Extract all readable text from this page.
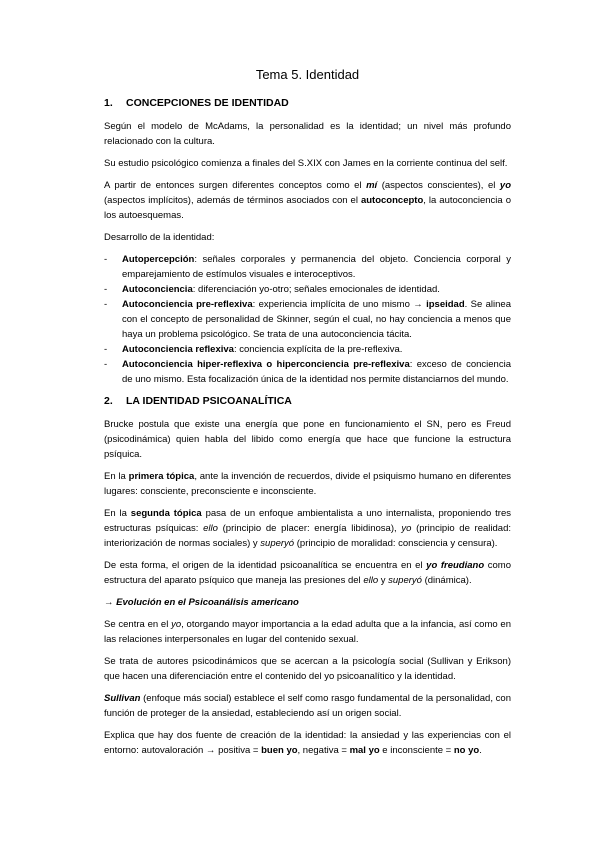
Tema 5. Identidad
1.	CONCEPCIONES DE IDENTIDAD

Según el modelo de McAdams, la personalidad es la identidad; un nivel más profundo relacionado con la cultura.

Su estudio psicológico comienza a finales del S.XIX con James en la corriente continua del self.

A partir de entonces surgen diferentes conceptos como el mí (aspectos conscientes), el yo (aspectos implícitos), además de términos asociados con el autoconcepto, la autoconciencia o los autoesquemas.

Desarrollo de la identidad:

- Autopercepción: señales corporales y permanencia del objeto. Conciencia corporal y emparejamiento de estímulos visuales e interoceptivos.
- Autoconciencia: diferenciación yo-otro; señales emocionales de identidad.
- Autoconciencia pre-reflexiva: experiencia implícita de uno mismo → ipseidad. Se alinea con el concepto de personalidad de Skinner, según el cual, no hay conciencia a menos que haya un problema psicológico. Se trata de una autoconciencia tácita.
- Autoconciencia reflexiva: conciencia explícita de la pre-reflexiva.
- Autoconciencia hiper-reflexiva o hiperconciencia pre-reflexiva: exceso de conciencia de uno mismo. Esta focalización única de la identidad nos permite distanciarnos del mundo.
2.	LA IDENTIDAD PSICOANALÍTICA

Brucke postula que existe una energía que pone en funcionamiento el SN, pero es Freud (psicodinámica) quien habla del libido como energía que hace que funcione la estructura psíquica.

En la primera tópica, ante la invención de recuerdos, divide el psiquismo humano en diferentes lugares: consciente, preconsciente e inconsciente.

En la segunda tópica pasa de un enfoque ambientalista a uno internalista, proponiendo tres estructuras psíquicas: ello (principio de placer: energía libidinosa), yo (principio de realidad: interiorización de normas sociales) y superyó (principio de moralidad: consciencia y censura).

De esta forma, el origen de la identidad psicoanalítica se encuentra en el yo freudiano como estructura del aparato psíquico que maneja las presiones del ello y superyó (dinámica).

→ Evolución en el Psicoanálisis americano

Se centra en el yo, otorgando mayor importancia a la edad adulta que a la infancia, así como en las relaciones interpersonales en lugar del contenido sexual.

Se trata de autores psicodinámicos que se acercan a la psicología social (Sullivan y Erikson) que hacen una diferenciación entre el contenido del yo psicoanalítico y la identidad.

Sullivan (enfoque más social) establece el self como rasgo fundamental de la personalidad, con función de proteger de la ansiedad, estableciendo así un origen social.

Explica que hay dos fuente de creación de la identidad: la ansiedad y las experiencias con el entorno: autovaloración → positiva = buen yo, negativa = mal yo e inconsciente = no yo.
